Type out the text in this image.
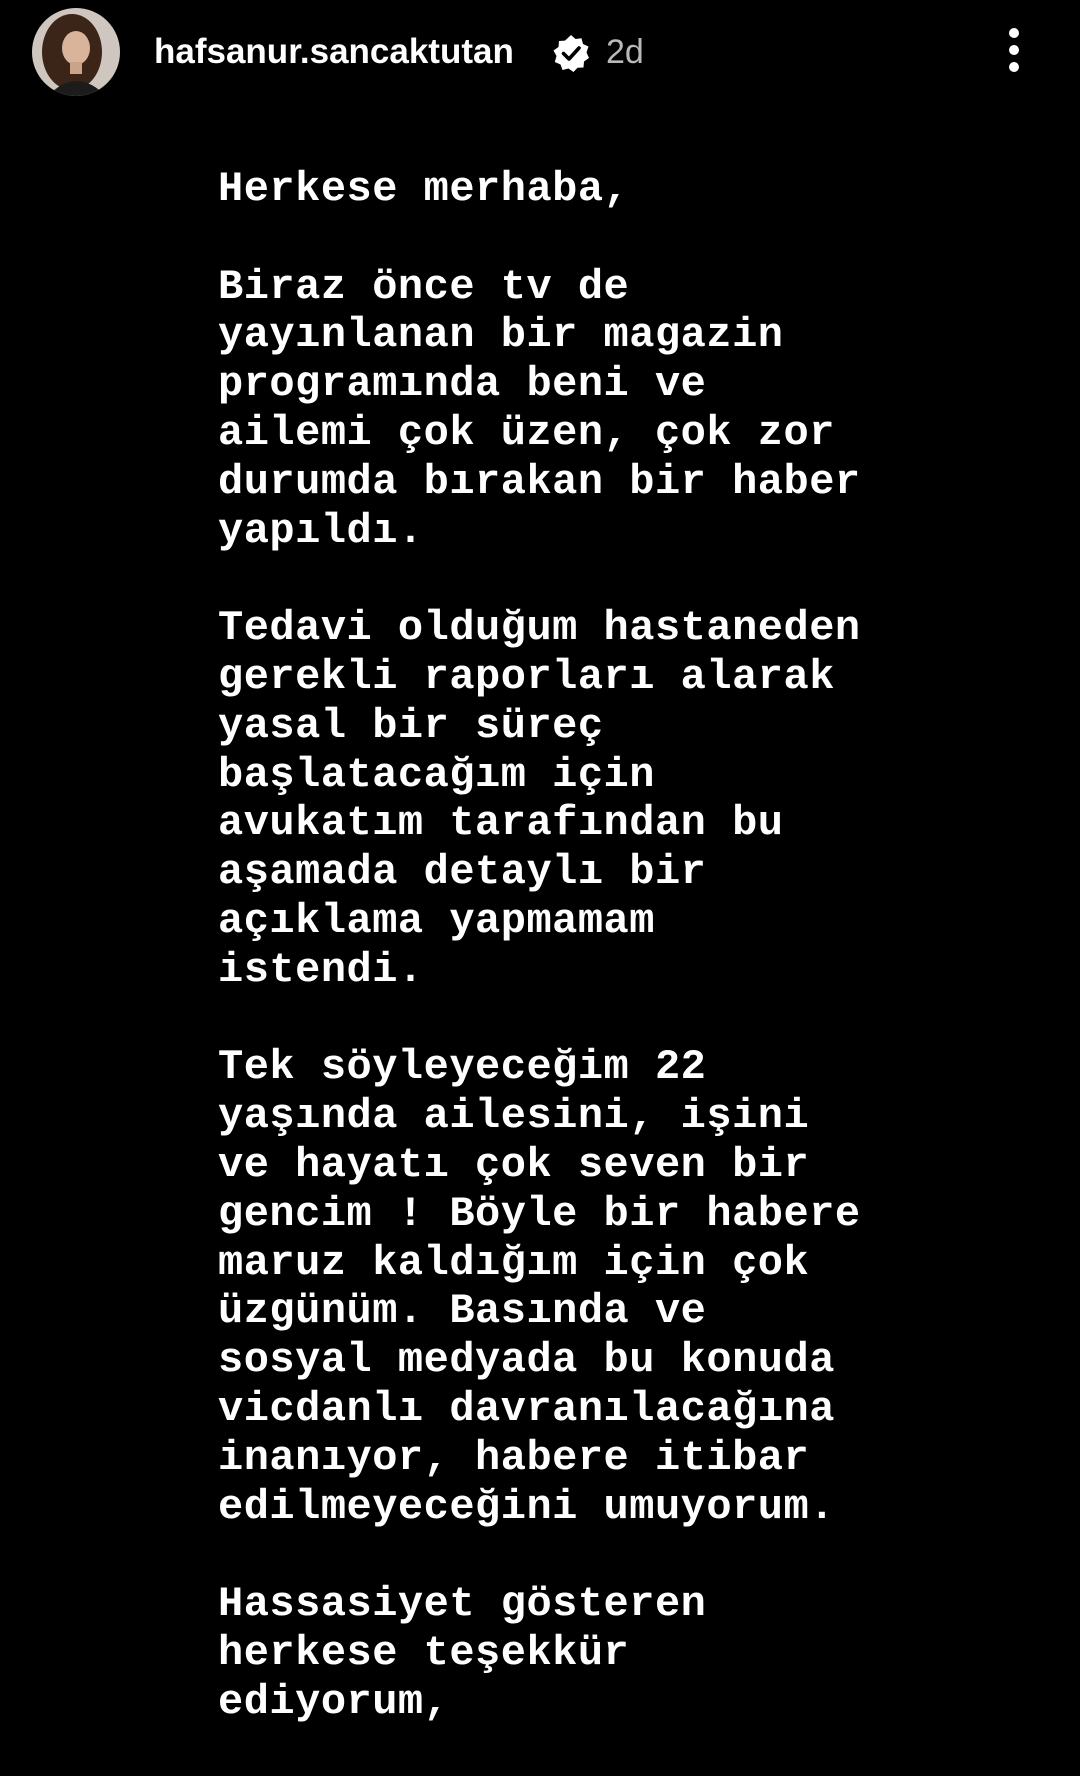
hafsanur.sancaktutan	2d
Herkese merhaba,
Biraz önce tv de
yayınlanan bir magazin
programında beni ve
ailemi çok üzen, çok zor
durumda bırakan bir haber
yapıldı.
Tedavi olduğum hastaneden
gerekli raporları alarak
yasal bir süreç
başlatacağım için
avukatım tarafından bu
aşamada detaylı bir
açıklama yapmamam
istendi.
Tek söyleyeceğim 22
yaşında ailesini, işini
ve hayatı çok seven bir
gencim ! Böyle bir habere
maruz kaldığım için çok
üzgünüm. Basında ve
sosyal medyada bu konuda
vicdanlı davranılacağına
inanıyor, habere itibar
edilmeyeceğini umuyorum.
Hassasiyet gösteren
herkese teşekkür
ediyorum,
